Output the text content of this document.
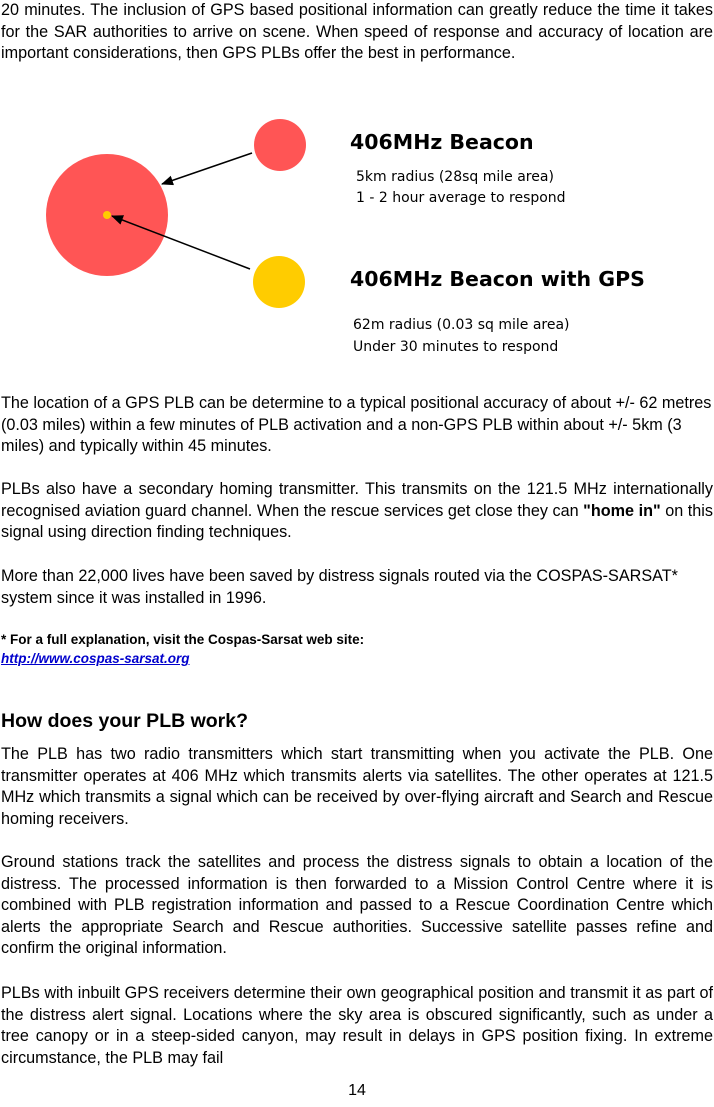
20 minutes. The inclusion of GPS based positional information can greatly reduce the time it takes for the SAR authorities to arrive on scene. When speed of response and accuracy of location are important considerations, then GPS PLBs offer the best in performance.

406MHz Beacon
5km radius (28sq mile area)
1 - 2 hour average to respond
406MHz Beacon with GPS
62m radius (0.03 sq mile area)
Under 30 minutes to respond

The location of a GPS PLB can be determine to a typical positional accuracy of about +/- 62 metres (0.03 miles) within a few minutes of PLB activation and a non-GPS PLB within about +/- 5km (3 miles) and typically within 45 minutes.

PLBs also have a secondary homing transmitter. This transmits on the 121.5 MHz internationally recognised aviation guard channel. When the rescue services get close they can "home in" on this signal using direction finding techniques.

More than 22,000 lives have been saved by distress signals routed via the COSPAS-SARSAT* system since it was installed in 1996.

* For a full explanation, visit the Cospas-Sarsat web site:
http://www.cospas-sarsat.org

How does your PLB work?

The PLB has two radio transmitters which start transmitting when you activate the PLB. One transmitter operates at 406 MHz which transmits alerts via satellites. The other operates at 121.5 MHz which transmits a signal which can be received by over-flying aircraft and Search and Rescue homing receivers.

Ground stations track the satellites and process the distress signals to obtain a location of the distress. The processed information is then forwarded to a Mission Control Centre where it is combined with PLB registration information and passed to a Rescue Coordination Centre which alerts the appropriate Search and Rescue authorities. Successive satellite passes refine and confirm the original information.

PLBs with inbuilt GPS receivers determine their own geographical position and transmit it as part of the distress alert signal. Locations where the sky area is obscured significantly, such as under a tree canopy or in a steep-sided canyon, may result in delays in GPS position fixing. In extreme circumstance, the PLB may fail

14
